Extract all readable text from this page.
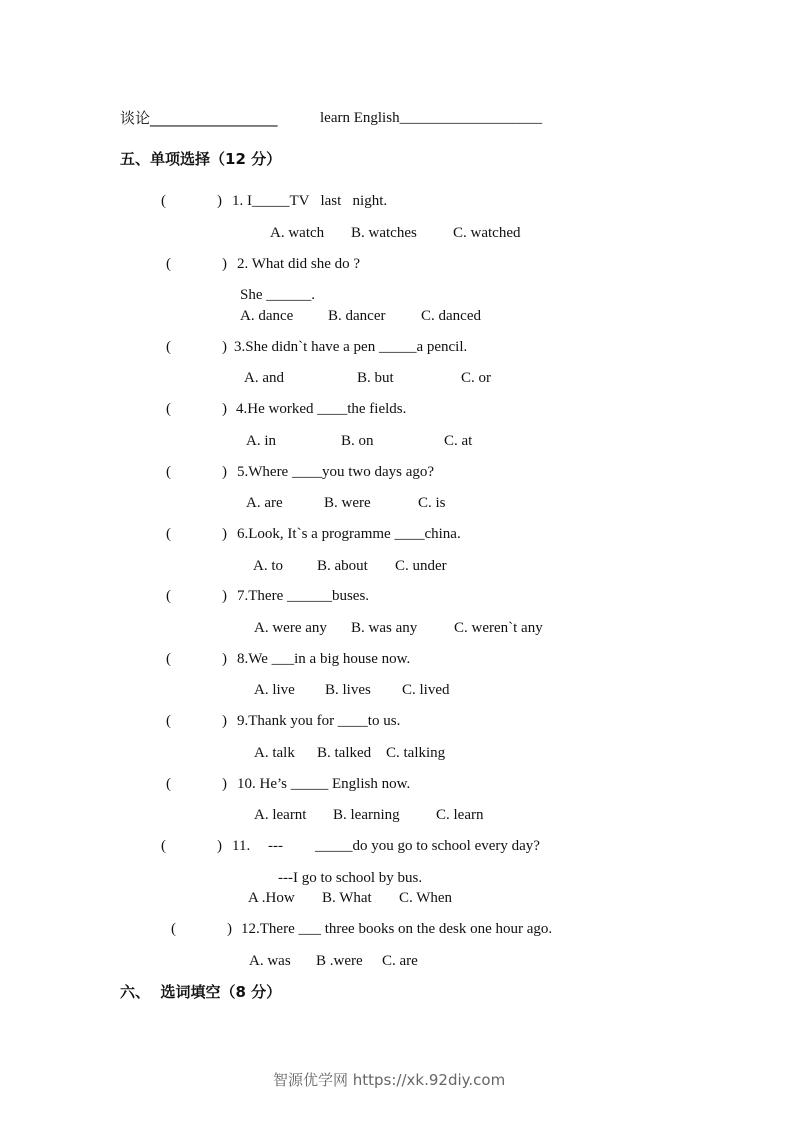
谈论_________________	learn English___________________
五、单项选择（12 分）
(	) 1. I_____TV   last   night.
A. watch B. watches C. watched
(	) 2. What did she do ?
She ______.
A. dance B. dancer C. danced
(	) 3.She didn`t have a pen _____a pencil.
A. and	B. but	C. or
(	) 4.He worked ____the fields.
A. in	B. on	C. at
(	) 5.Where ____you two days ago?
A. are	B. were	C. is
(	) 6.Look, It`s a programme ____china.
A. to B. about C. under
(	) 7.There ______buses.
A. were any B. was any C. weren`t any
(	) 8.We ___in a big house now.
A. live B. lives C. lived
(	) 9.Thank you for ____to us.
A. talk B. talked C. talking
(	) 10. He’s _____ English now.
A. learnt B. learning C. learn
(	) 11. --- _____do you go to school every day?
---I go to school by bus.
A .How B. What C. When
(	) 12.There ___ three books on the desk one hour ago.
A. was B .were C. are
六、  选词填空（8 分）
智源优学网 https://xk.92diy.com
